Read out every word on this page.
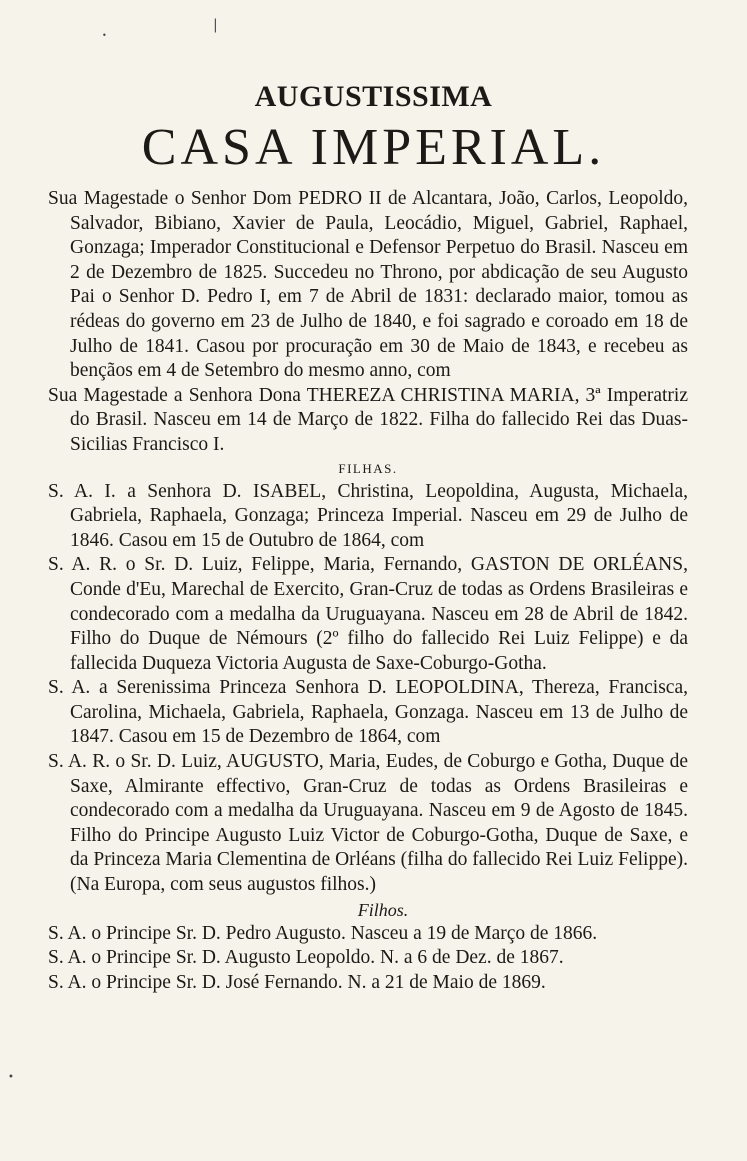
|
•
•
AUGUSTISSIMA
CASA IMPERIAL.
Sua Magestade o Senhor Dom PEDRO II de Alcantara, João, Carlos, Leopoldo, Salvador, Bibiano, Xavier de Paula, Leocádio, Miguel, Gabriel, Raphael, Gonzaga; Imperador Constitucional e Defensor Perpetuo do Brasil. Nasceu em 2 de Dezembro de 1825. Succedeu no Throno, por abdicação de seu Augusto Pai o Senhor D. Pedro I, em 7 de Abril de 1831: declarado maior, tomou as rédeas do governo em 23 de Julho de 1840, e foi sagrado e coroado em 18 de Julho de 1841. Casou por procuração em 30 de Maio de 1843, e recebeu as bençãos em 4 de Setembro do mesmo anno, com
Sua Magestade a Senhora Dona THEREZA CHRISTINA MARIA, 3ª Imperatriz do Brasil. Nasceu em 14 de Março de 1822. Filha do fallecido Rei das Duas-Sicilias Francisco I.
FILHAS.
S. A. I. a Senhora D. ISABEL, Christina, Leopoldina, Augusta, Michaela, Gabriela, Raphaela, Gonzaga; Princeza Imperial. Nasceu em 29 de Julho de 1846. Casou em 15 de Outubro de 1864, com
S. A. R. o Sr. D. Luiz, Felippe, Maria, Fernando, GASTON DE ORLÉANS, Conde d'Eu, Marechal de Exercito, Gran-Cruz de todas as Ordens Brasileiras e condecorado com a medalha da Uruguayana. Nasceu em 28 de Abril de 1842. Filho do Duque de Némours (2º filho do fallecido Rei Luiz Felippe) e da fallecida Duqueza Victoria Augusta de Saxe-Coburgo-Gotha.
S. A. a Serenissima Princeza Senhora D. LEOPOLDINA, Thereza, Francisca, Carolina, Michaela, Gabriela, Raphaela, Gonzaga. Nasceu em 13 de Julho de 1847. Casou em 15 de Dezembro de 1864, com
S. A. R. o Sr. D. Luiz, AUGUSTO, Maria, Eudes, de Coburgo e Gotha, Duque de Saxe, Almirante effectivo, Gran-Cruz de todas as Ordens Brasileiras e condecorado com a medalha da Uruguayana. Nasceu em 9 de Agosto de 1845. Filho do Principe Augusto Luiz Victor de Coburgo-Gotha, Duque de Saxe, e da Princeza Maria Clementina de Orléans (filha do fallecido Rei Luiz Felippe). (Na Europa, com seus augustos filhos.)
Filhos.
S. A. o Principe Sr. D. Pedro Augusto. Nasceu a 19 de Março de 1866.
S. A. o Principe Sr. D. Augusto Leopoldo. N. a 6 de Dez. de 1867.
S. A. o Principe Sr. D. José Fernando. N. a 21 de Maio de 1869.
